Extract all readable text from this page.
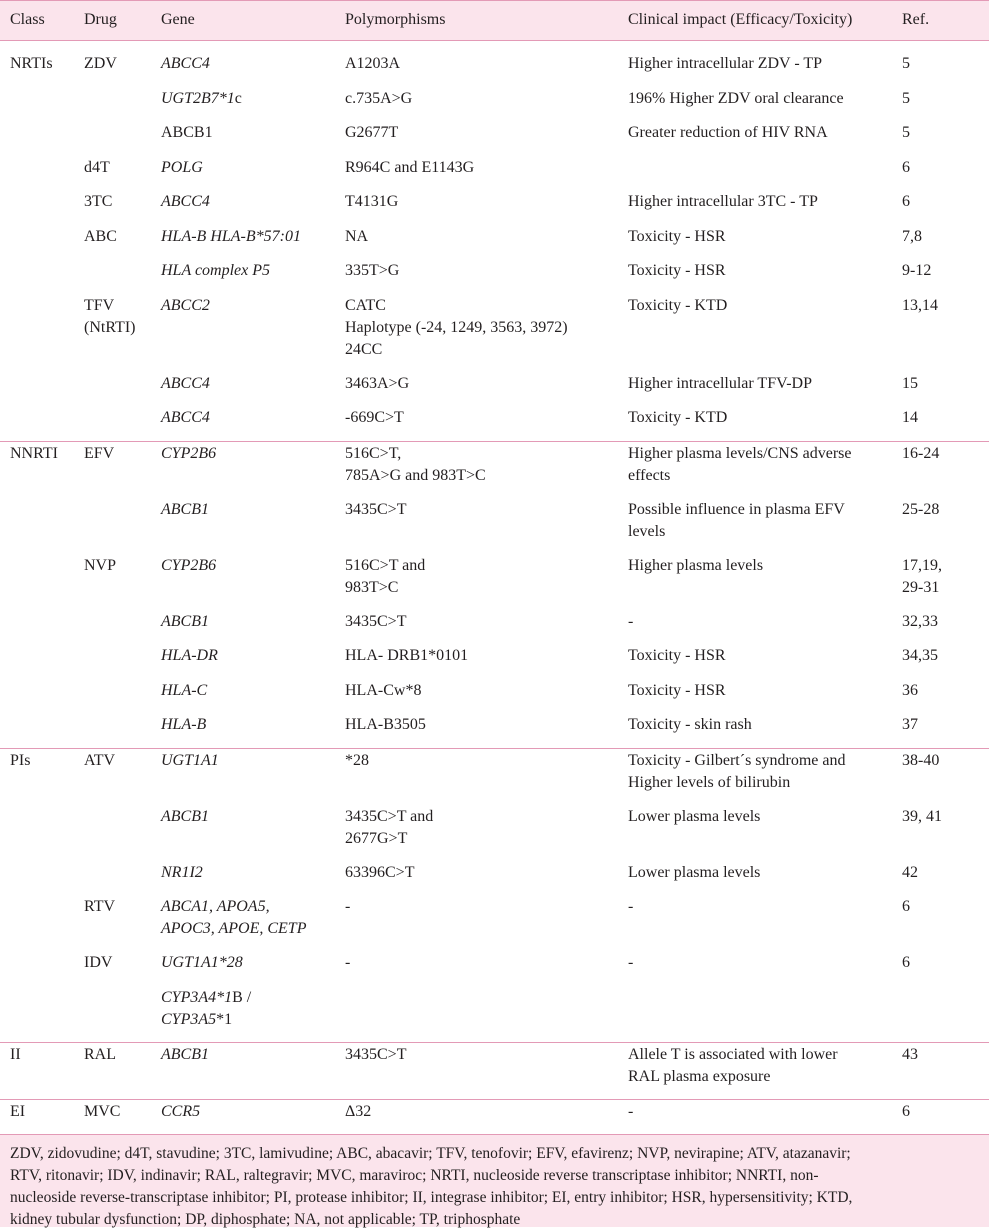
Class	Drug	Gene	Polymorphisms	Clinical impact (Efficacy/Toxicity)	Ref.

NRTIs	ZDV	ABCC4	A1203A	Higher intracellular ZDV - TP	5

		UGT2B7*1c	c.735A>G	196% Higher ZDV oral clearance	5

		ABCB1	G2677T	Greater reduction of HIV RNA	5

	d4T	POLG	R964C and E1143G		6

	3TC	ABCC4	T4131G	Higher intracellular 3TC - TP	6

	ABC	HLA-B HLA-B*57:01	NA	Toxicity - HSR	7,8

		HLA complex P5	335T>G	Toxicity - HSR	9-12

	TFV
(NtRTI)	ABCC2	CATC
Haplotype (-24, 1249, 3563, 3972)
24CC	Toxicity - KTD	13,14

		ABCC4	3463A>G	Higher intracellular TFV-DP	15

		ABCC4	-669C>T	Toxicity - KTD	14

NNRTI	EFV	CYP2B6	516C>T,
785A>G and 983T>C	Higher plasma levels/CNS adverse
effects	16-24

		ABCB1	3435C>T	Possible influence in plasma EFV
levels	25-28

	NVP	CYP2B6	516C>T and
983T>C	Higher plasma levels	17,19,
29-31

		ABCB1	3435C>T	-	32,33

		HLA-DR	HLA- DRB1*0101	Toxicity - HSR	34,35

		HLA-C	HLA-Cw*8	Toxicity - HSR	36

		HLA-B	HLA-B3505	Toxicity - skin rash	37

PIs	ATV	UGT1A1	*28	Toxicity - Gilbert´s syndrome and
Higher levels of bilirubin	38-40

		ABCB1	3435C>T and
2677G>T	Lower plasma levels	39, 41

		NR1I2	63396C>T	Lower plasma levels	42

	RTV	ABCA1, APOA5,
APOC3, APOE, CETP	-	-	6

	IDV	UGT1A1*28	-	-	6

		CYP3A4*1B /
CYP3A5*1			

II	RAL	ABCB1	3435C>T	Allele T is associated with lower
RAL plasma exposure	43

EI	MVC	CCR5	Δ32	-	6
ZDV, zidovudine; d4T, stavudine; 3TC, lamivudine; ABC, abacavir; TFV, tenofovir; EFV, efavirenz; NVP, nevirapine; ATV, atazanavir;
RTV, ritonavir; IDV, indinavir; RAL, raltegravir; MVC, maraviroc; NRTI, nucleoside reverse transcriptase inhibitor; NNRTI, non-
nucleoside reverse-transcriptase inhibitor; PI, protease inhibitor; II, integrase inhibitor; EI, entry inhibitor; HSR, hypersensitivity; KTD,
kidney tubular dysfunction; DP, diphosphate; NA, not applicable; TP, triphosphate
